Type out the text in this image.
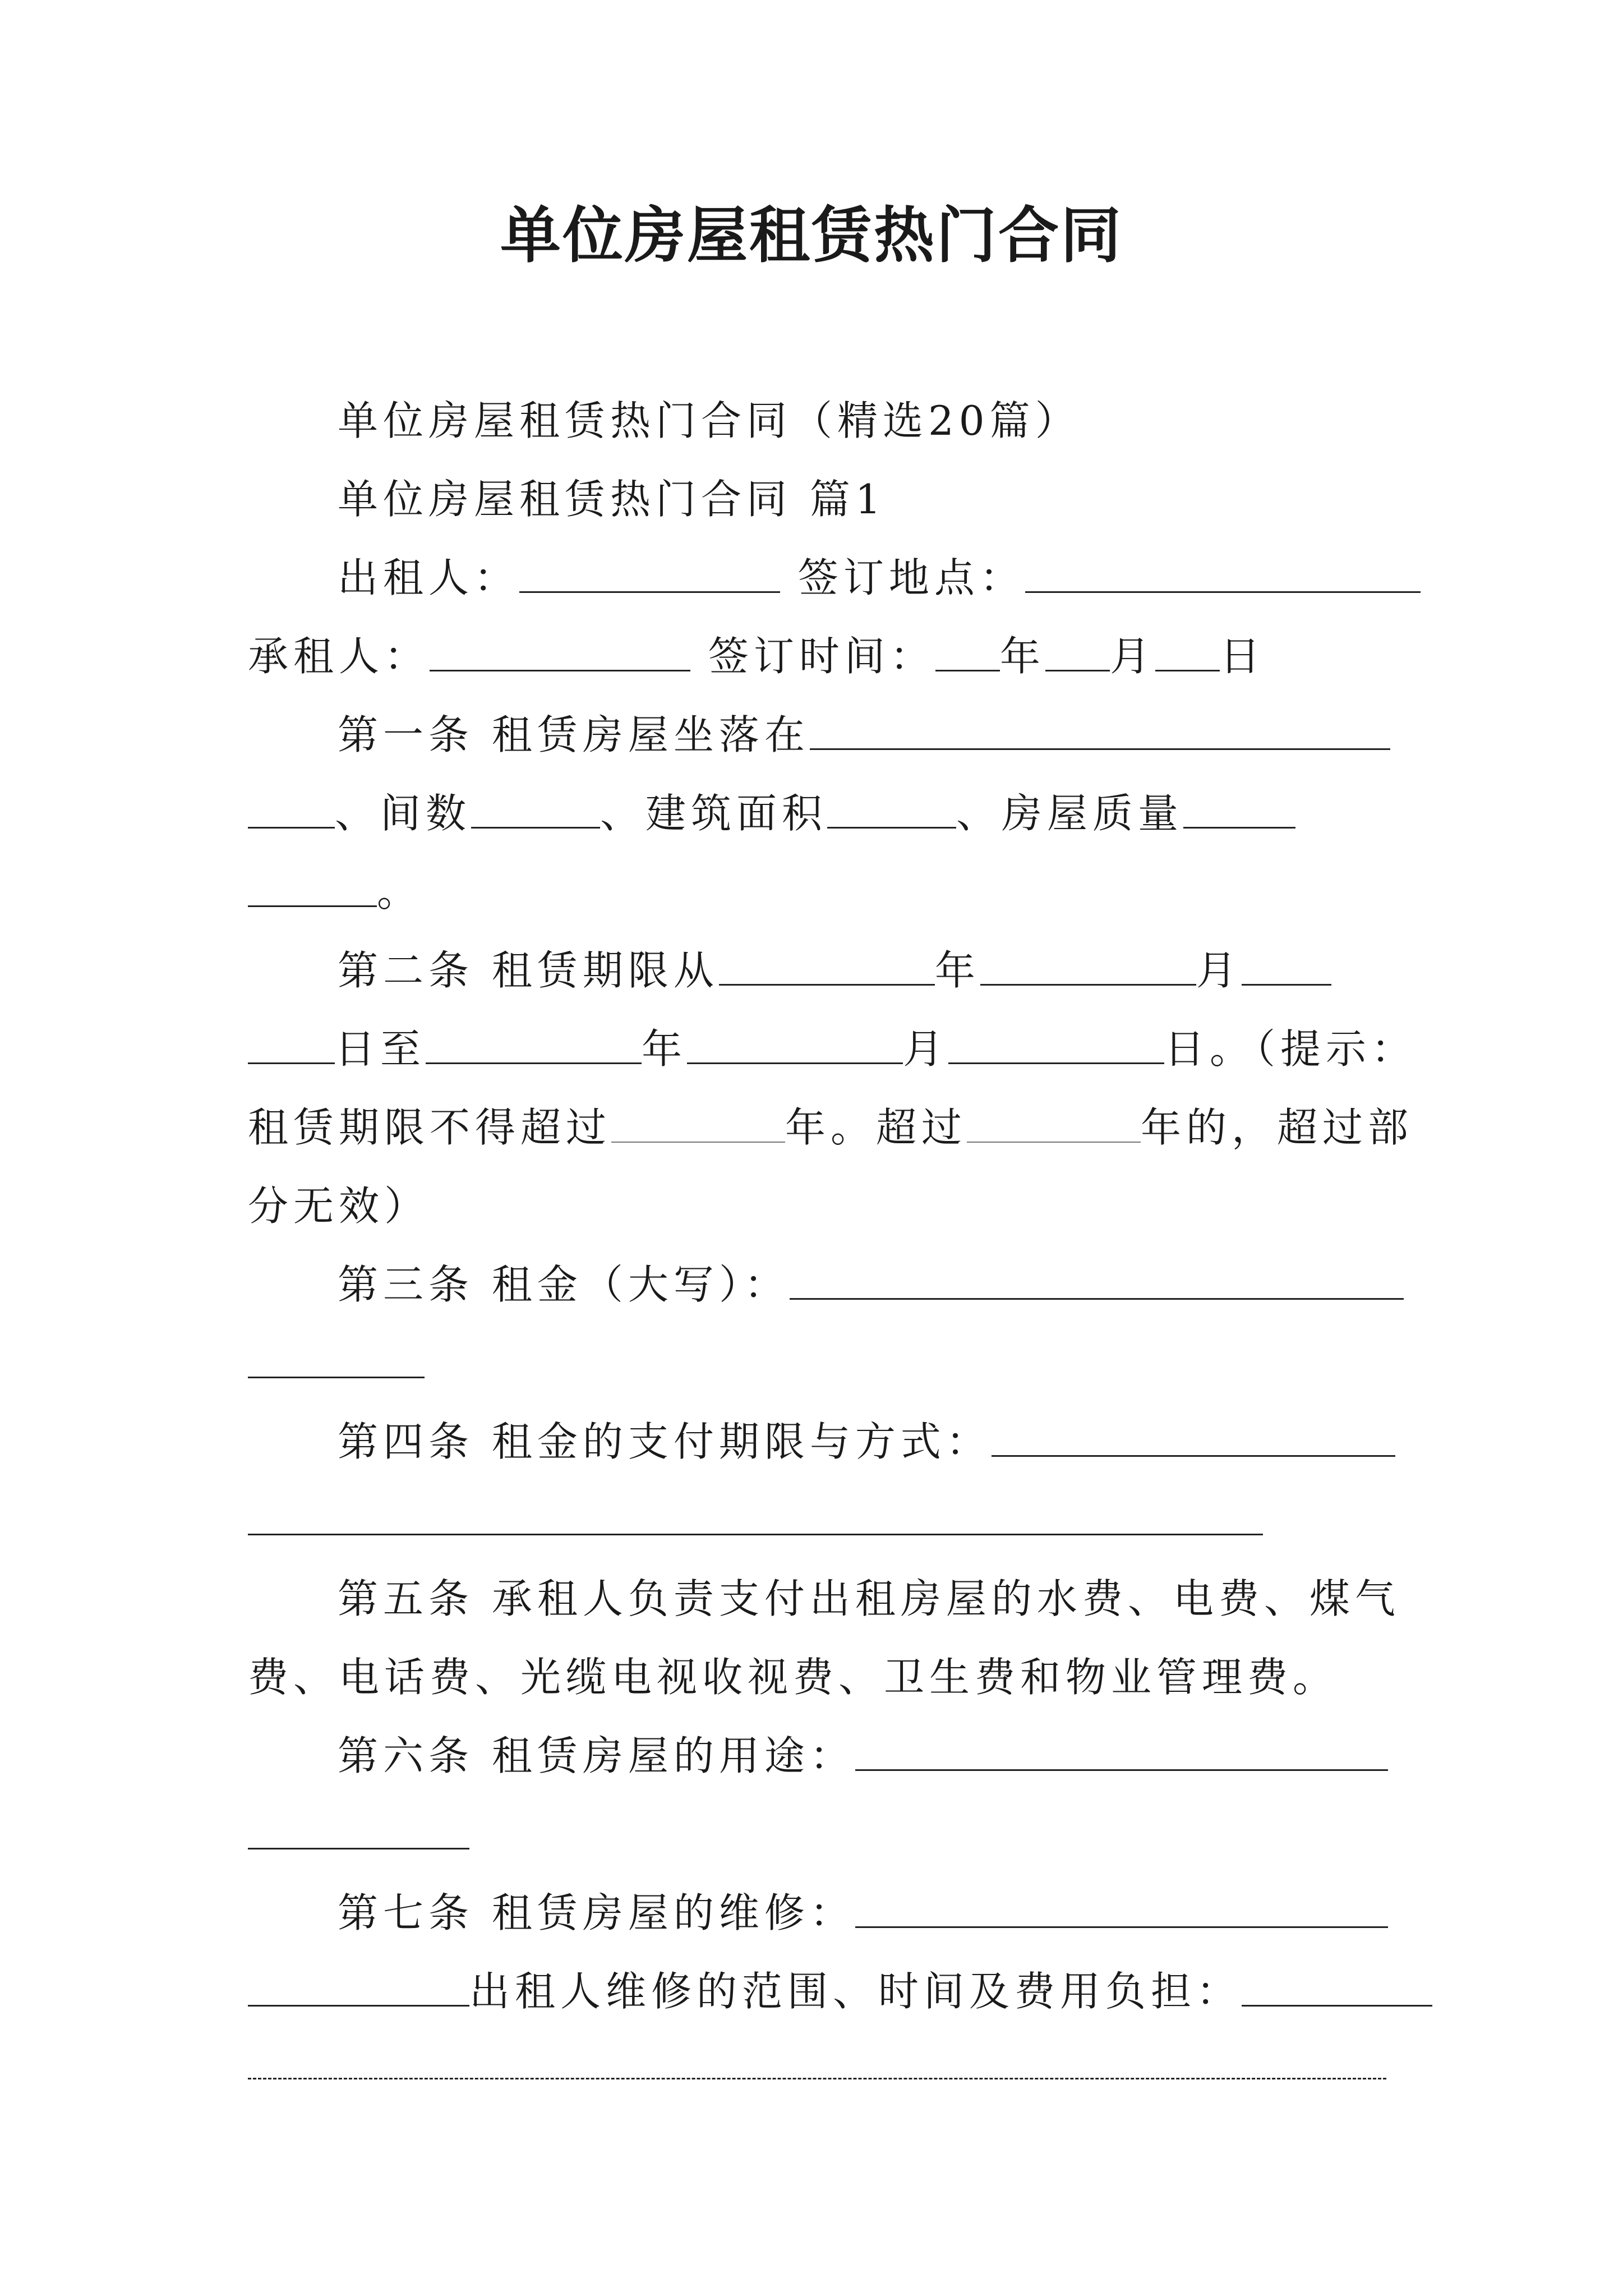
单位房屋租赁热门合同
单位房屋租赁热门合同（精选20篇）
单位房屋租赁热门合同 篇1
出租人：	签订地点：
承租人：	签订时间： 年 月 日
第一条 租赁房屋坐落在
、间数	、建筑面积	、房屋质量
。
第二条 租赁期限从	年	月
日至	年	月	日。（提示：
租赁期限不得超过	年。超过	年的，超过部
分无效）
第三条 租金（大写）：
第四条 租金的支付期限与方式：
第五条 承租人负责支付出租房屋的水费、电费、煤气
费、电话费、光缆电视收视费、卫生费和物业管理费。
第六条 租赁房屋的用途：
第七条 租赁房屋的维修：
出租人维修的范围、时间及费用负担：
